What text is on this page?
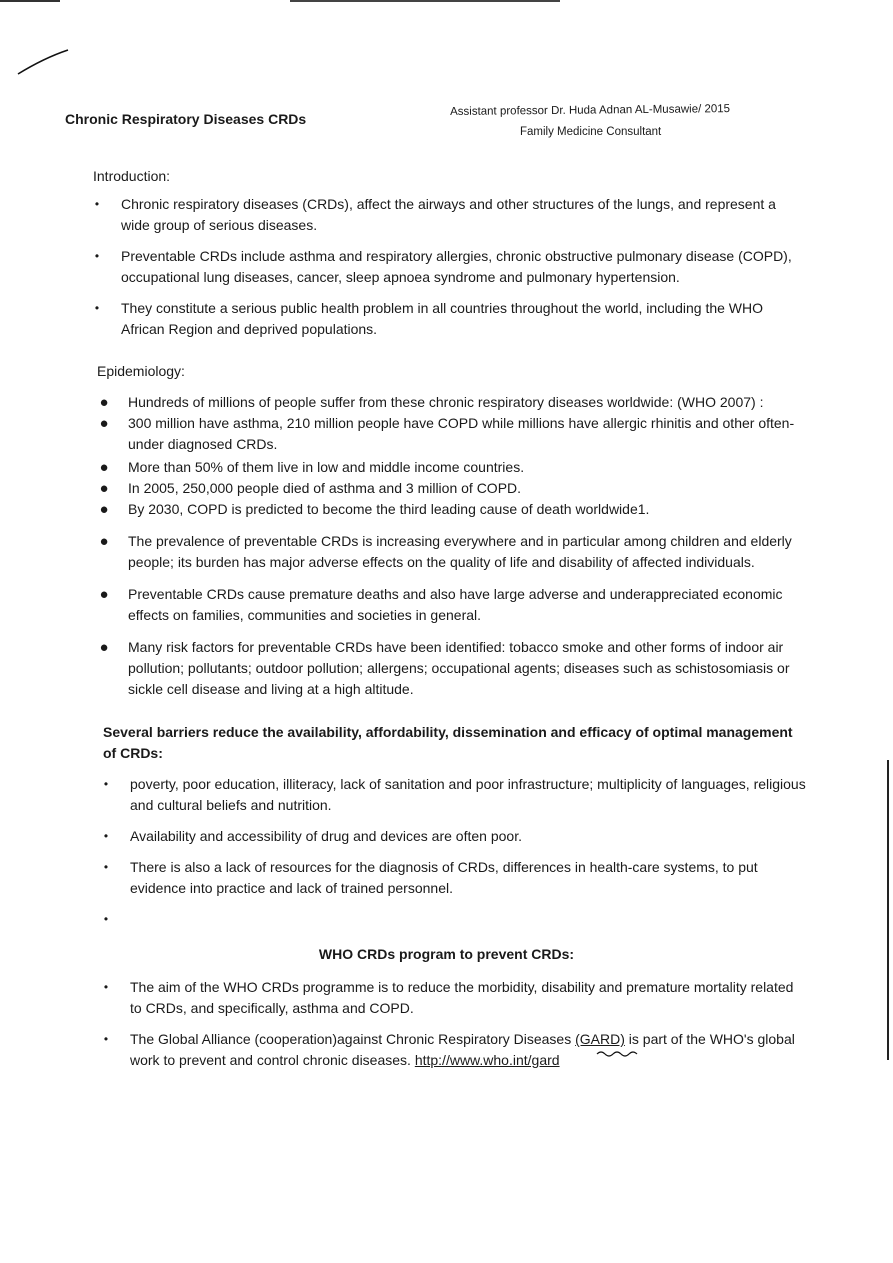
Chronic Respiratory Diseases CRDs
Assistant professor Dr. Huda Adnan AL-Musawie/ 2015
Family Medicine Consultant
Introduction:
•	Chronic respiratory diseases (CRDs), affect the airways and other structures of the lungs, and represent a wide group of serious diseases.
•	Preventable CRDs include asthma and respiratory allergies, chronic obstructive pulmonary disease (COPD), occupational lung diseases, cancer, sleep apnoea syndrome and pulmonary hypertension.
•	They constitute a serious public health problem in all countries throughout the world, including the WHO African Region and deprived populations.
Epidemiology:
●	Hundreds of millions of people suffer from these chronic respiratory diseases worldwide: (WHO 2007) :
●	300 million have asthma, 210 million people have COPD while millions have allergic rhinitis and other often-under diagnosed CRDs.
●	More than 50% of them live in low and middle income countries.
●	In 2005, 250,000 people died of asthma and 3 million of COPD.
●	By 2030, COPD is predicted to become the third leading cause of death worldwide1.
●	The prevalence of preventable CRDs is increasing everywhere and in particular among children and elderly people; its burden has major adverse effects on the quality of life and disability of affected individuals.
●	Preventable CRDs cause premature deaths and also have large adverse and underappreciated economic effects on families, communities and societies in general.
●	Many risk factors for preventable CRDs have been identified: tobacco smoke and other forms of indoor air pollution; pollutants; outdoor pollution; allergens; occupational agents; diseases such as schistosomiasis or sickle cell disease and living at a high altitude.
Several barriers reduce the availability, affordability, dissemination and efficacy of optimal management of CRDs:
•	poverty, poor education, illiteracy, lack of sanitation and poor infrastructure; multiplicity of languages, religious and cultural beliefs and nutrition.
•	Availability and accessibility of drug and devices are often poor.
•	There is also a lack of resources for the diagnosis of CRDs, differences in health-care systems, to put evidence into practice and lack of trained personnel.
•
WHO CRDs program to prevent CRDs:
•	The aim of the WHO CRDs programme is to reduce the morbidity, disability and premature mortality related to CRDs, and specifically, asthma and COPD.
•	The Global Alliance (cooperation)against Chronic Respiratory Diseases (GARD) is part of the WHO's global work to prevent and control chronic diseases. http://www.who.int/gard
